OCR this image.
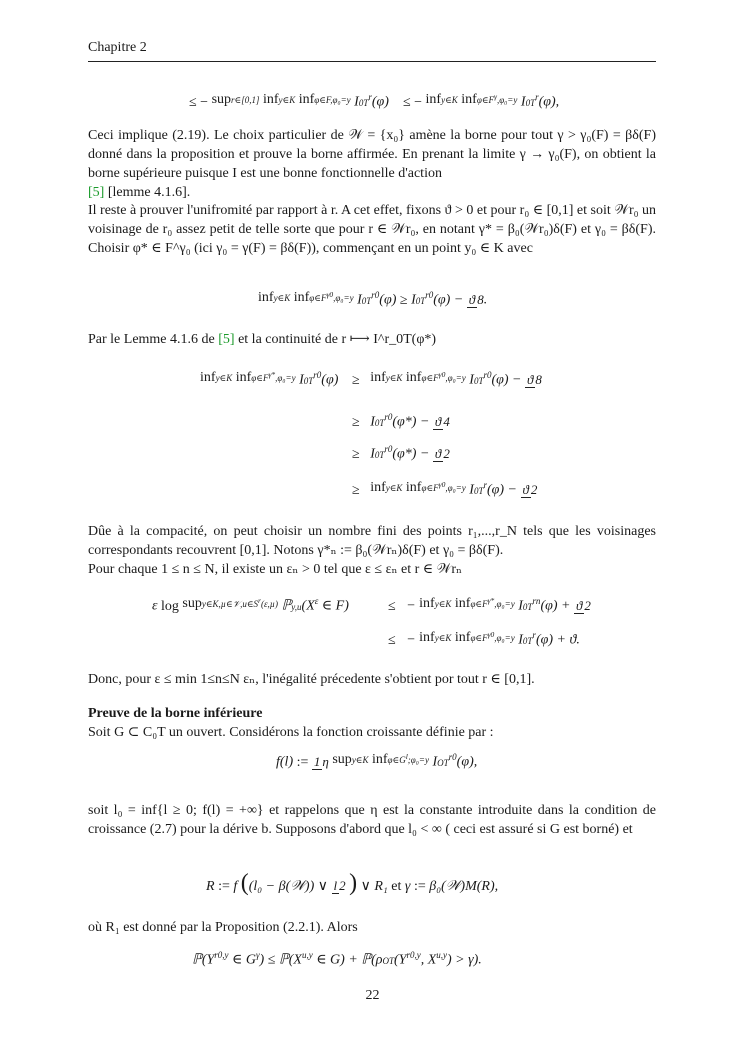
Chapitre 2
≤ − supr∈[0,1] infy∈K infφ∈F,φ₀=y I0Tr(φ)    ≤ − infy∈K $inf\varphi\in F^\gamma,\varphi_0=y$ I0Tr(φ),
Ceci implique (2.19). Le choix particulier de 𝒲 = {x₀} amène la borne pour tout γ > γ₀(F) = βδ(F) donné dans la proposition et prouve la borne affirmée. En prenant la limite γ → γ₀(F), on obtient la borne supérieure puisque I est une bonne fonctionnelle d'action
[5] [lemme 4.1.6].
Il reste à prouver l'unifromité par rapport à r. A cet effet, fixons ϑ > 0 et pour r₀ ∈ [0,1] et soit 𝒲r₀ un voisinage de r₀ assez petit de telle sorte que pour r ∈ 𝒲r₀, en notant γ* = β₀(𝒲r₀)δ(F) et γ₀ = βδ(F). Choisir φ* ∈ F^γ₀ (ici γ₀ = γ(F) = βδ(F)), commençant en un point y₀ ∈ K avec
infy∈K $inf\varphi\in F^{\gamma 0},\varphi_0=y$ I0Tr0(φ) ≥ I0Tr0(φ) − ϑ 8.
Par le Lemme 4.1.6 de [5] et la continuité de r ⟼ I^r_0T(φ*)
infy∈K $inf\varphi\in F^{\gamma*},\varphi_0=y$ I0Tr0(φ) ≥ infy∈K $inf\varphi\in F^{\gamma 0},\varphi_0=y$ I0Tr0(φ) − ϑ 8
≥   I0Tr0(φ*) − ϑ 4
≥   I0Tr0(φ*) − ϑ 2
≥ infy∈K $inf\varphi\in F^{\gamma 0},\varphi_0=y$ I0Tr(φ) − ϑ 2
Dûe à la compacité, on peut choisir un nombre fini des points r₁,...,r_N tels que les voisinages correspondants recouvrent [0,1]. Notons γ*ₙ := β₀(𝒲rₙ)δ(F) et γ₀ = βδ(F).
Pour chaque 1 ≤ n ≤ N, il existe un εₙ > 0 tel que ε ≤ εₙ et r ∈ 𝒲rₙ
ε $\log supy\in K,\mu\in 𝒱,u\in S^r(\varepsilon,\mu)$ ℙy,u(Xε ∈ F)	≤   − infy∈K $inf\varphi\in F^{\gamma*},\varphi_0=y$ I0Trn(φ) + ϑ 2
≤   − infy∈K $inf\varphi\in F^{\gamma 0},\varphi_0=y$ I0Tr(φ) + ϑ.
Donc, pour ε ≤ min 1≤n≤N εₙ, l'inégalité précedente s'obtient por tout r ∈ [0,1].
Preuve de la borne inférieure
Soit G ⊂ C₀T un ouvert. Considérons la fonction croissante définie par :
f(l) := 1 η supy∈K $inf\varphi\in G^l;\varphi_0=y$ IOTr0(φ),
soit l₀ = inf{l ≥ 0; f(l) = +∞} et rappelons que η est la constante introduite dans la condition de croissance (2.7) pour la dérive b. Supposons d'abord que l₀ < ∞ ( ceci est assuré si G est borné) et
R := f ((l₀ − β(𝒲)) ∨ l 2 ) ∨ R₁ et γ := β₀(𝒲)M(R),
où R₁ est donné par la Proposition (2.2.1). Alors
ℙ(Yr0,y ∈ Gγ) ≤ ℙ(Xu,y ∈ G) + ℙ(ρOT(Yr0,y, Xu,y) > γ).
22
